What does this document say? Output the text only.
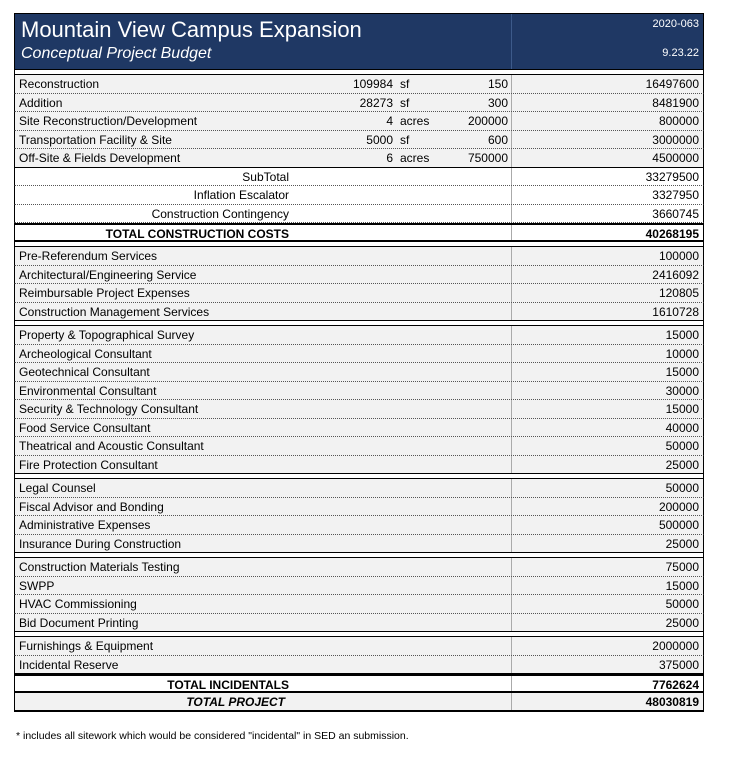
Mountain View Campus Expansion
Conceptual Project Budget
2020-063
9.23.22
Reconstruction	109984 sf	150	16497600
Addition	28273 sf	300	8481900
Site Reconstruction/Development	4 acres	200000	800000
Transportation Facility & Site	5000 sf	600	3000000
Off-Site & Fields Development	6 acres	750000	4500000
SubTotal	33279500
Inflation Escalator	3327950
Construction Contingency	3660745
TOTAL CONSTRUCTION COSTS	40268195
Pre-Referendum Services	100000
Architectural/Engineering Service	2416092
Reimbursable Project Expenses	120805
Construction Management Services	1610728
Property & Topographical Survey	15000
Archeological Consultant	10000
Geotechnical Consultant	15000
Environmental Consultant	30000
Security & Technology Consultant	15000
Food Service Consultant	40000
Theatrical and Acoustic Consultant	50000
Fire Protection Consultant	25000
Legal Counsel	50000
Fiscal Advisor and Bonding	200000
Administrative Expenses	500000
Insurance During Construction	25000
Construction Materials Testing	75000
SWPP	15000
HVAC Commissioning	50000
Bid Document Printing	25000
Furnishings & Equipment	2000000
Incidental Reserve	375000
TOTAL INCIDENTALS	7762624
TOTAL PROJECT	48030819
* includes all sitework which would be considered "incidental" in SED an submission.
